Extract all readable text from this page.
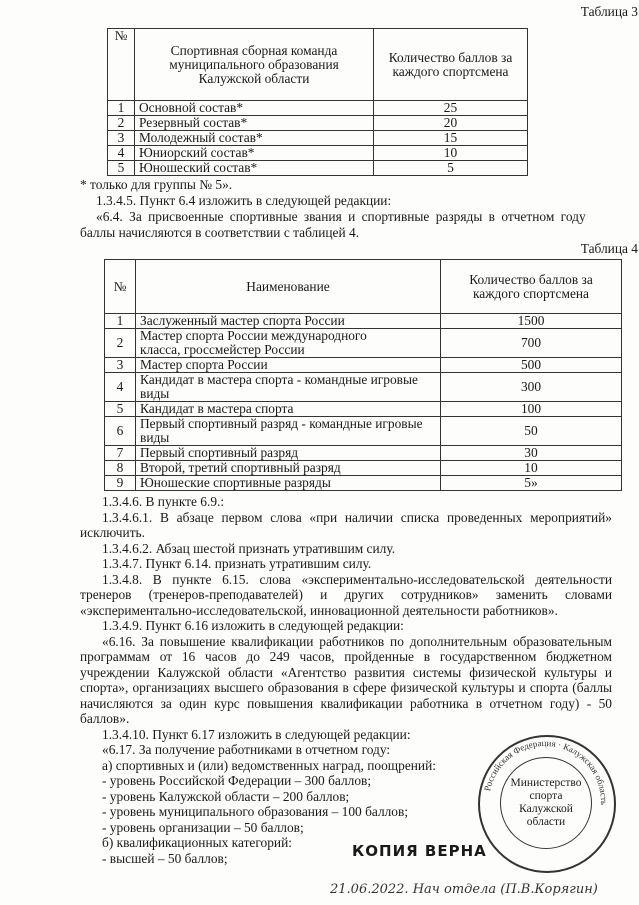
Таблица 3
№	Спортивная сборная команда муниципального образования Калужской области	Количество баллов за каждого спортсмена
1	Основной состав*	25
2	Резервный состав*	20
3	Молодежный состав*	15
4	Юниорский состав*	10
5	Юношеский состав*	5
* только для группы № 5».
1.3.4.5. Пункт 6.4 изложить в следующей редакции:
«6.4. За присвоенные спортивные звания и спортивные разряды в отчетном году
баллы начисляются в соответствии с таблицей 4.
Таблица 4
№	Наименование	Количество баллов за каждого спортсмена
1	Заслуженный мастер спорта России	1500
2	Мастер спорта России международного класса, гроссмейстер России	700
3	Мастер спорта России	500
4	Кандидат в мастера спорта - командные игровые виды	300
5	Кандидат в мастера спорта	100
6	Первый спортивный разряд - командные игровые виды	50
7	Первый спортивный разряд	30
8	Второй, третий спортивный разряд	10
9	Юношеские спортивные разряды	5»

1.3.4.6. В пункте 6.9.:

1.3.4.6.1. В абзаце первом слова «при наличии списка проведенных мероприятий» исключить.

1.3.4.6.2. Абзац шестой признать утратившим силу.

1.3.4.7. Пункт 6.14. признать утратившим силу.

1.3.4.8. В пункте 6.15. слова «экспериментально-исследовательской деятельности тренеров (тренеров-преподавателей) и других сотрудников» заменить словами «экспериментально-исследовательской, инновационной деятельности работников».

1.3.4.9. Пункт 6.16 изложить в следующей редакции:

«6.16. За повышение квалификации работников по дополнительным образовательным программам от 16 часов до 249 часов, пройденные в государственном бюджетном учреждении Калужской области «Агентство развития системы физической культуры и спорта», организациях высшего образования в сфере физической культуры и спорта (баллы начисляются за один курс повышения квалификации работника в отчетном году) - 50 баллов».

1.3.4.10. Пункт 6.17 изложить в следующей редакции:

«6.17. За получение работниками в отчетном году:

а) спортивных и (или) ведомственных наград, поощрений:

- уровень Российской Федерации – 300 баллов;

- уровень Калужской области – 200 баллов;

- уровень муниципального образования – 100 баллов;

- уровень организации – 50 баллов;

б) квалификационных категорий:

- высшей – 50 баллов;

Российская Федерация · Калужская область
Министерство
спорта
Калужской
области
КОПИЯ ВЕРНА
21.06.2022. Нач отдела (П.В.Корягин)
